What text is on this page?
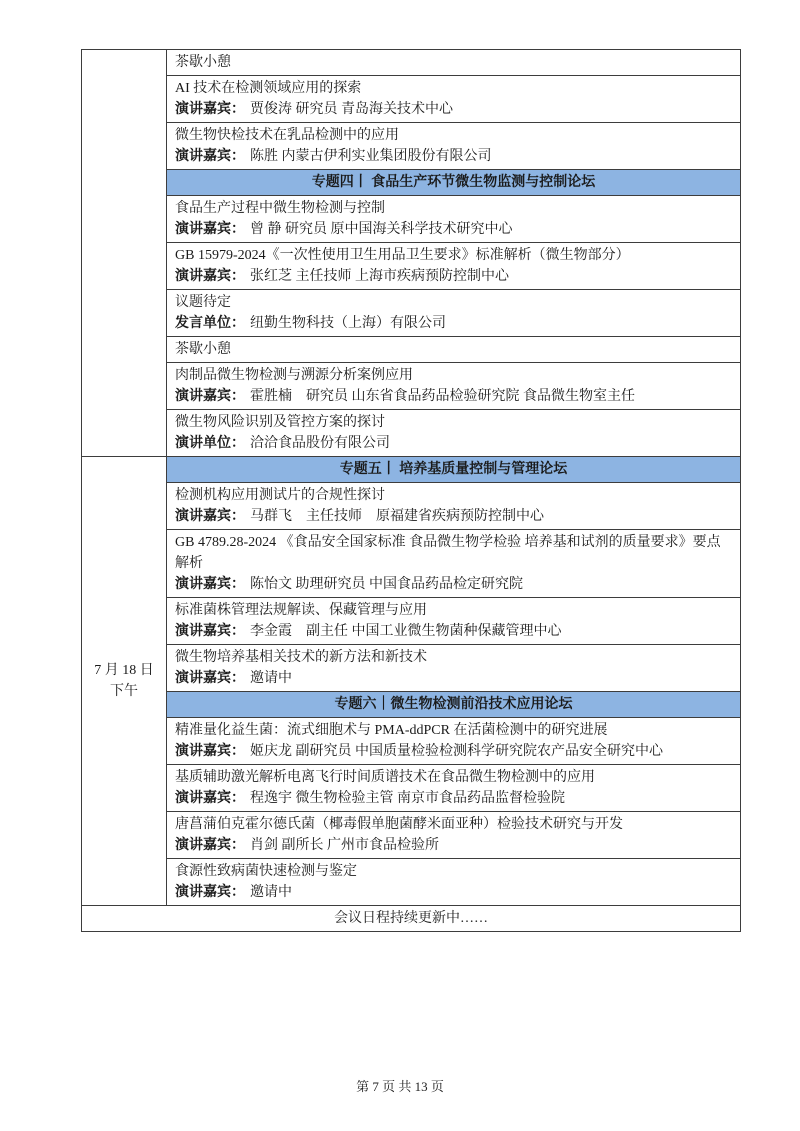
	茶歇小憩

	AI 技术在检测领域应用的探索
演讲嘉宾： 贾俊涛 研究员 青岛海关技术中心

	微生物快检技术在乳品检测中的应用
演讲嘉宾： 陈胜 内蒙古伊利实业集团股份有限公司

	专题四丨 食品生产环节微生物监测与控制论坛

	食品生产过程中微生物检测与控制
演讲嘉宾： 曾 静 研究员 原中国海关科学技术研究中心

	GB 15979-2024《一次性使用卫生用品卫生要求》标准解析（微生物部分）
演讲嘉宾： 张红芝 主任技师 上海市疾病预防控制中心

	议题待定
发言单位： 纽勤生物科技（上海）有限公司

	茶歇小憩

	肉制品微生物检测与溯源分析案例应用
演讲嘉宾： 霍胜楠　研究员 山东省食品药品检验研究院 食品微生物室主任

	微生物风险识别及管控方案的探讨
演讲单位： 洽洽食品股份有限公司

7 月 18 日
下午	专题五丨 培养基质量控制与管理论坛

	检测机构应用测试片的合规性探讨
演讲嘉宾： 马群飞　主任技师　原福建省疾病预防控制中心

	GB 4789.28-2024 《食品安全国家标准 食品微生物学检验 培养基和试剂的质量要求》要点解析
演讲嘉宾： 陈怡文 助理研究员 中国食品药品检定研究院

	标准菌株管理法规解读、保藏管理与应用
演讲嘉宾： 李金霞　副主任 中国工业微生物菌种保藏管理中心

	微生物培养基相关技术的新方法和新技术
演讲嘉宾： 邀请中

	专题六｜微生物检测前沿技术应用论坛

	精准量化益生菌：流式细胞术与 PMA-ddPCR 在活菌检测中的研究进展
演讲嘉宾： 姬庆龙 副研究员 中国质量检验检测科学研究院农产品安全研究中心

	基质辅助激光解析电离飞行时间质谱技术在食品微生物检测中的应用
演讲嘉宾： 程逸宇 微生物检验主管 南京市食品药品监督检验院

	唐菖蒲伯克霍尔德氏菌（椰毒假单胞菌酵米面亚种）检验技术研究与开发
演讲嘉宾： 肖剑 副所长 广州市食品检验所

	食源性致病菌快速检测与鉴定
演讲嘉宾： 邀请中

会议日程持续更新中……	
第 7 页 共 13 页
